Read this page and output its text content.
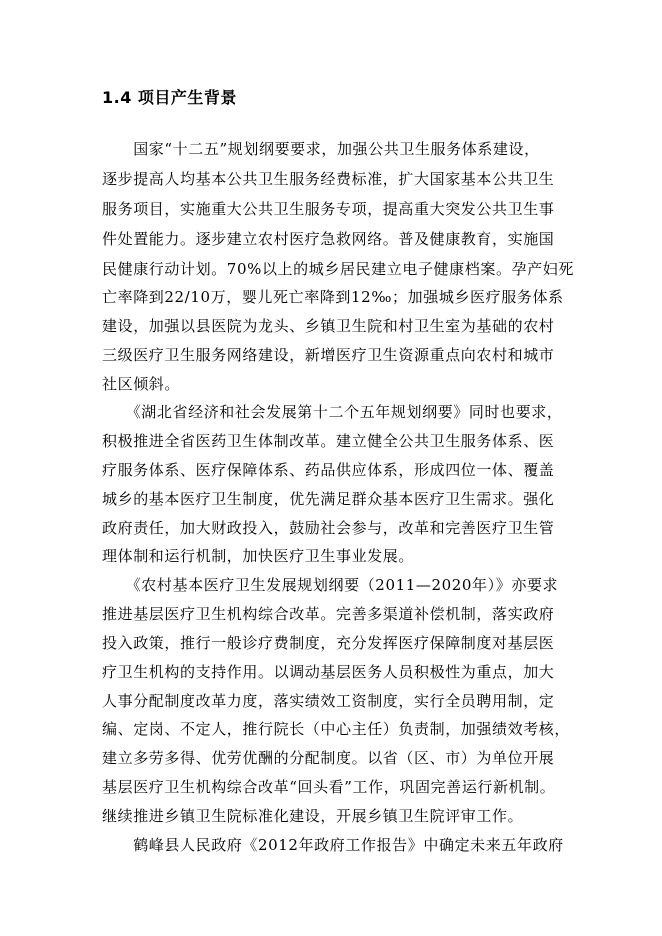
1.4 项目产生背景
　　国家“十二五”规划纲要要求，加强公共卫生服务体系建设，
逐步提高人均基本公共卫生服务经费标准，扩大国家基本公共卫生
服务项目，实施重大公共卫生服务专项，提高重大突发公共卫生事
件处置能力。逐步建立农村医疗急救网络。普及健康教育，实施国
民健康行动计划。70%以上的城乡居民建立电子健康档案。孕产妇死
亡率降到22/10万，婴儿死亡率降到12‰；加强城乡医疗服务体系
建设，加强以县医院为龙头、乡镇卫生院和村卫生室为基础的农村
三级医疗卫生服务网络建设，新增医疗卫生资源重点向农村和城市
社区倾斜。
　　《湖北省经济和社会发展第十二个五年规划纲要》同时也要求，
积极推进全省医药卫生体制改革。建立健全公共卫生服务体系、医
疗服务体系、医疗保障体系、药品供应体系，形成四位一体、覆盖
城乡的基本医疗卫生制度，优先满足群众基本医疗卫生需求。强化
政府责任，加大财政投入，鼓励社会参与，改革和完善医疗卫生管
理体制和运行机制，加快医疗卫生事业发展。
　　《农村基本医疗卫生发展规划纲要（2011—2020年）》亦要求
推进基层医疗卫生机构综合改革。完善多渠道补偿机制，落实政府
投入政策，推行一般诊疗费制度，充分发挥医疗保障制度对基层医
疗卫生机构的支持作用。以调动基层医务人员积极性为重点，加大
人事分配制度改革力度，落实绩效工资制度，实行全员聘用制，定
编、定岗、不定人，推行院长（中心主任）负责制，加强绩效考核，
建立多劳多得、优劳优酬的分配制度。以省（区、市）为单位开展
基层医疗卫生机构综合改革“回头看”工作，巩固完善运行新机制。
继续推进乡镇卫生院标准化建设，开展乡镇卫生院评审工作。
　　鹤峰县人民政府《2012年政府工作报告》中确定未来五年政府
